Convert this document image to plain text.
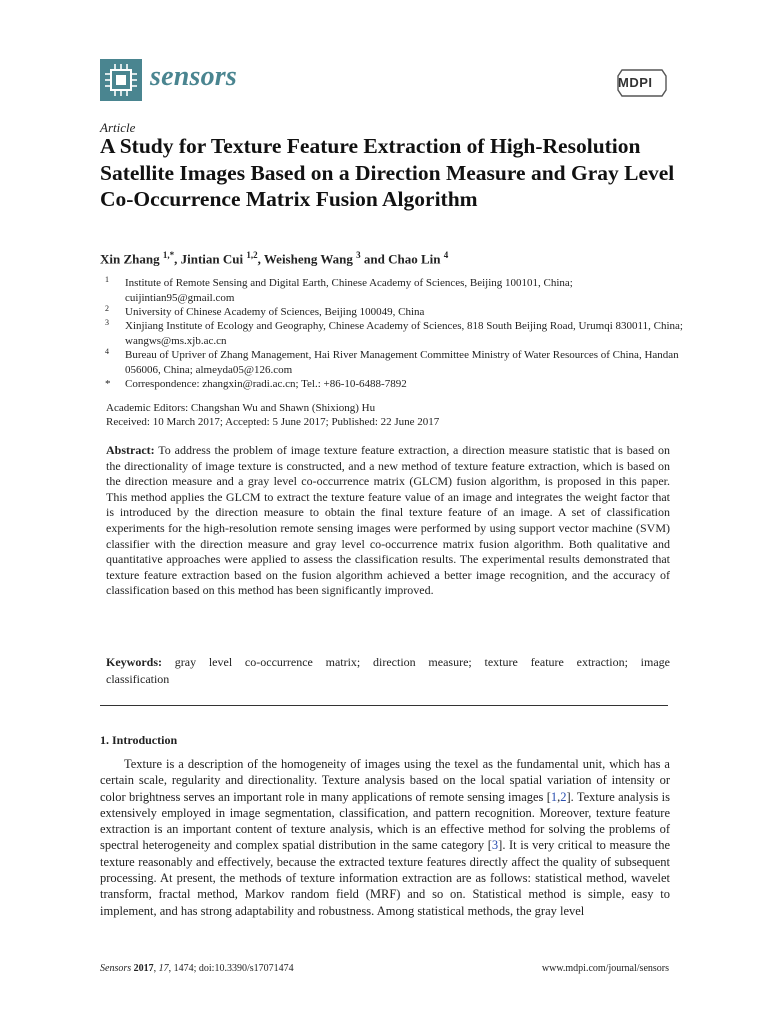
sensors	MDPI
Article
A Study for Texture Feature Extraction of High-Resolution Satellite Images Based on a Direction Measure and Gray Level Co-Occurrence Matrix Fusion Algorithm
Xin Zhang $^{1,*}$, Jintian Cui $^{1,2}$, Weisheng Wang $^3$ and Chao Lin $^4$
1 Institute of Remote Sensing and Digital Earth, Chinese Academy of Sciences, Beijing 100101, China; cuijintian95@gmail.com
2 University of Chinese Academy of Sciences, Beijing 100049, China
3 Xinjiang Institute of Ecology and Geography, Chinese Academy of Sciences, 818 South Beijing Road, Urumqi 830011, China; wangws@ms.xjb.ac.cn
4 Bureau of Upriver of Zhang Management, Hai River Management Committee Ministry of Water Resources of China, Handan 056006, China; almeyda05@126.com
* Correspondence: zhangxin@radi.ac.cn; Tel.: +86-10-6488-7892
Academic Editors: Changshan Wu and Shawn (Shixiong) Hu
Received: 10 March 2017; Accepted: 5 June 2017; Published: 22 June 2017
Abstract: To address the problem of image texture feature extraction, a direction measure statistic that is based on the directionality of image texture is constructed, and a new method of texture feature extraction, which is based on the direction measure and a gray level co-occurrence matrix (GLCM) fusion algorithm, is proposed in this paper. This method applies the GLCM to extract the texture feature value of an image and integrates the weight factor that is introduced by the direction measure to obtain the final texture feature of an image. A set of classification experiments for the high-resolution remote sensing images were performed by using support vector machine (SVM) classifier with the direction measure and gray level co-occurrence matrix fusion algorithm. Both qualitative and quantitative approaches were applied to assess the classification results. The experimental results demonstrated that texture feature extraction based on the fusion algorithm achieved a better image recognition, and the accuracy of classification based on this method has been significantly improved.
Keywords: gray level co-occurrence matrix; direction measure; texture feature extraction; image classification
1. Introduction
Texture is a description of the homogeneity of images using the texel as the fundamental unit, which has a certain scale, regularity and directionality. Texture analysis based on the local spatial variation of intensity or color brightness serves an important role in many applications of remote sensing images [1,2]. Texture analysis is extensively employed in image segmentation, classification, and pattern recognition. Moreover, texture feature extraction is an important content of texture analysis, which is an effective method for solving the problems of spectral heterogeneity and complex spatial distribution in the same category [3]. It is very critical to measure the texture reasonably and effectively, because the extracted texture features directly affect the quality of subsequent processing. At present, the methods of texture information extraction are as follows: statistical method, wavelet transform, fractal method, Markov random field (MRF) and so on. Statistical method is simple, easy to implement, and has strong adaptability and robustness. Among statistical methods, the gray level
Sensors 2017, 17, 1474; doi:10.3390/s17071474	www.mdpi.com/journal/sensors
